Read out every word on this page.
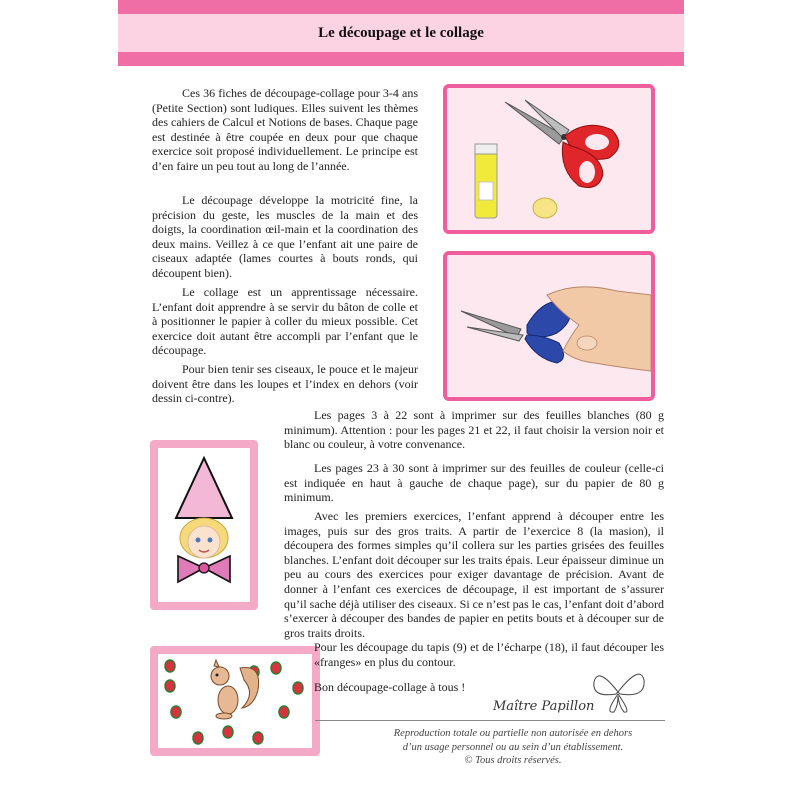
Le découpage et le collage

Ces 36 fiches de découpage-collage pour 3-4 ans (Petite Section) sont ludiques. Elles suivent les thèmes des cahiers de Calcul et Notions de bases. Chaque page est destinée à être coupée en deux pour que chaque exercice soit proposé individuellement. Le principe est d’en faire un peu tout au long de l’année.

Le découpage développe la motricité fine, la précision du geste, les muscles de la main et des doigts, la coordination œil-main et la coordination des deux mains. Veillez à ce que l’enfant ait une paire de ciseaux adaptée (lames courtes à bouts ronds, qui découpent bien).

Le collage est un apprentissage nécessaire. L’enfant doit apprendre à se servir du bâton de colle et à positionner le papier à coller du mieux possible. Cet exercice doit autant être accompli par l’enfant que le découpage.

Pour bien tenir ses ciseaux, le pouce et le majeur doivent être dans les loupes et l’index en dehors (voir dessin ci-contre).

Les pages 3 à 22 sont à imprimer sur des feuilles blanches (80 g minimum). Attention : pour les pages 21 et 22, il faut choisir la version noir et blanc ou couleur, à votre convenance.

Les pages 23 à 30 sont à imprimer sur des feuilles de couleur (celle-ci est indiquée en haut à gauche de chaque page), sur du papier de 80 g minimum.

Avec les premiers exercices, l’enfant apprend à découper entre les images, puis sur des gros traits. A partir de l’exercice 8 (la masion), il découpera des formes simples qu’il collera sur les parties grisées des feuilles blanches. L’enfant doit découper sur les traits épais. Leur épaisseur diminue un peu au cours des exercices pour exiger davantage de précision. Avant de donner à l’enfant ces exercices de découpage, il est important de s’assurer qu’il sache déjà utiliser des ciseaux. Si ce n’est pas le cas, l’enfant doit d’abord s’exercer à découper des bandes de papier en petits bouts et à découper sur de gros traits droits.

Pour les découpage du tapis (9) et de l’écharpe (18), il faut découper les «franges» en plus du contour.

Bon découpage-collage à tous !

Maître Papillon
Reproduction totale ou partielle non autorisée en dehors
d’un usage personnel ou au sein d’un établissement.
© Tous droits réservés.
